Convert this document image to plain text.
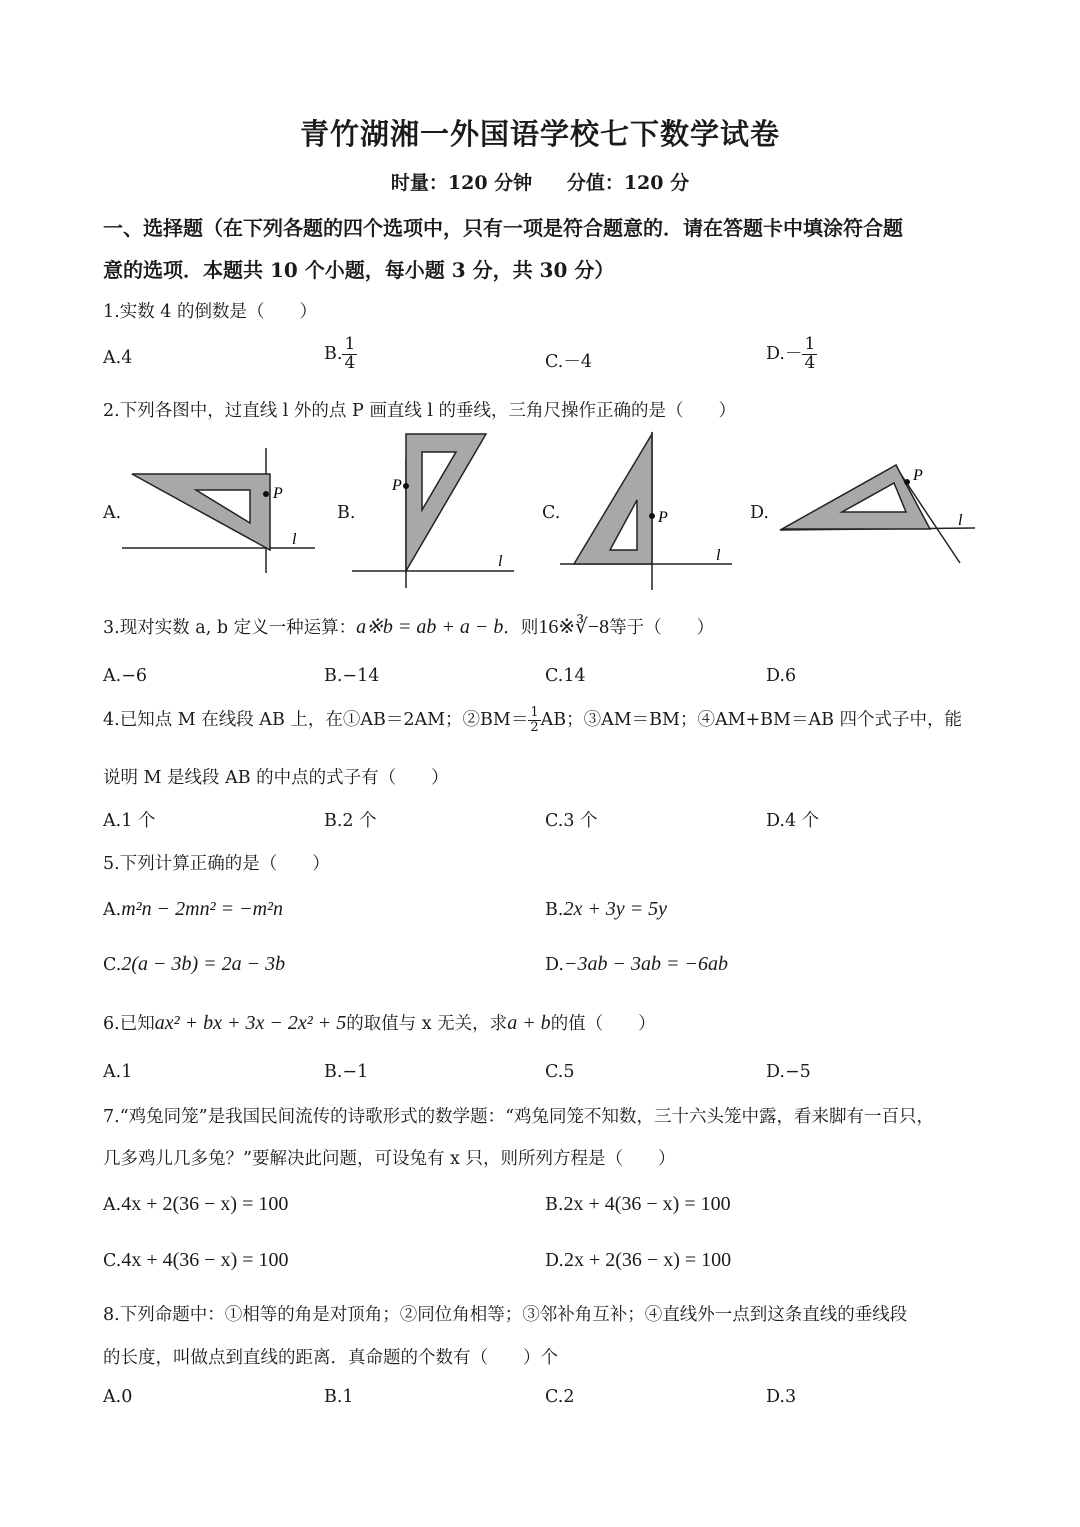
青竹湖湘一外国语学校七下数学试卷
时量：120 分钟 分值：120 分
一、选择题（在下列各题的四个选项中，只有一项是符合题意的．请在答题卡中填涂符合题
意的选项．本题共 10 个小题，每小题 3 分，共 30 分）
1.实数 4 的倒数是（　　）
A.4	B. $\frac{1}{4}$	C.－4	$D.- \frac{1}{4}$
2.下列各图中，过直线 l 外的点 P 画直线 l 的垂线，三角尺操作正确的是（　　）
A.
P
l
B.
P
l
C.	P
l
D.
P
l
3.现对实数 a, b 定义一种运算：a※b = ab + a − b．则16※∛−8等于（　　）
A.−6	B.−14	C.14	D.6
4.已知点 M 在线段 AB 上，在①AB＝2AM；②BM＝ $\frac{1}{2}$ AB；③AM＝BM；④AM+BM＝AB 四个式子中，能
说明 M 是线段 AB 的中点的式子有（　　）
A.1 个	B.2 个	C.3 个	D.4 个
5.下列计算正确的是（　　）
A.m²n − 2mn² = −m²n	B.2x + 3y = 5y
C.2(a − 3b) = 2a − 3b	D.−3ab − 3ab = −6ab
6.已知ax² + bx + 3x − 2x² + 5的取值与 x 无关，求a + b的值（　　）
A.1	B.−1	C.5	D.−5
7.“鸡兔同笼”是我国民间流传的诗歌形式的数学题：“鸡兔同笼不知数，三十六头笼中露，看来脚有一百只，
几多鸡儿几多兔？”要解决此问题，可设兔有 x 只，则所列方程是（　　）
A.4x + 2(36 − x) = 100	B.2x + 4(36 − x) = 100
C.4x + 4(36 − x) = 100	D.2x + 2(36 − x) = 100
8.下列命题中：①相等的角是对顶角；②同位角相等；③邻补角互补；④直线外一点到这条直线的垂线段
的长度，叫做点到直线的距离．真命题的个数有（　　）个
A.0	B.1	C.2	D.3
